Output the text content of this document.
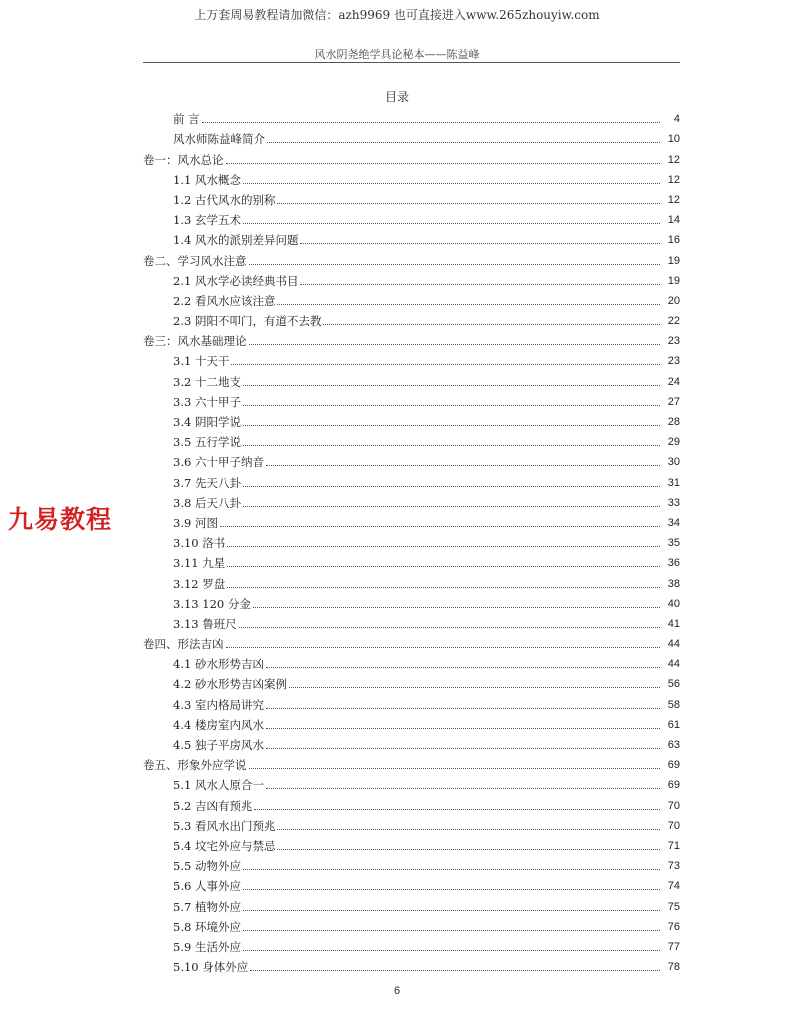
上万套周易教程请加微信：azh9969 也可直接进入www.265zhouyiw.com
风水阴尧绝学具论秘本——陈益峰
目录
前 言	4
风水师陈益峰简介	10
卷一：风水总论	12
1.1 风水概念	12
1.2 古代风水的别称	12
1.3 玄学五术	14
1.4 风水的派别差异问题	16
卷二、学习风水注意	19
2.1 风水学必读经典书目	19
2.2 看风水应该注意	20
2.3 阴阳不叩门，有道不去教	22
卷三：风水基础理论	23
3.1 十天干	23
3.2 十二地支	24
3.3 六十甲子	27
3.4 阴阳学说	28
3.5 五行学说	29
3.6 六十甲子纳音	30
3.7 先天八卦	31
3.8 后天八卦	33
3.9 河图	34
3.10 洛书	35
3.11 九星	36
3.12 罗盘	38
3.13 120 分金	40
3.13 鲁班尺	41
卷四、形法吉凶	44
4.1 砂水形势吉凶	44
4.2 砂水形势吉凶案例	56
4.3 室内格局讲究	58
4.4 楼房室内风水	61
4.5 独子平房风水	63
卷五、形象外应学说	69
5.1 风水人原合一	69
5.2 吉凶有预兆	70
5.3 看风水出门预兆	70
5.4 坟宅外应与禁忌	71
5.5 动物外应	73
5.6 人事外应	74
5.7 植物外应	75
5.8 环境外应	76
5.9 生活外应	77
5.10 身体外应	78
九易教程
6
